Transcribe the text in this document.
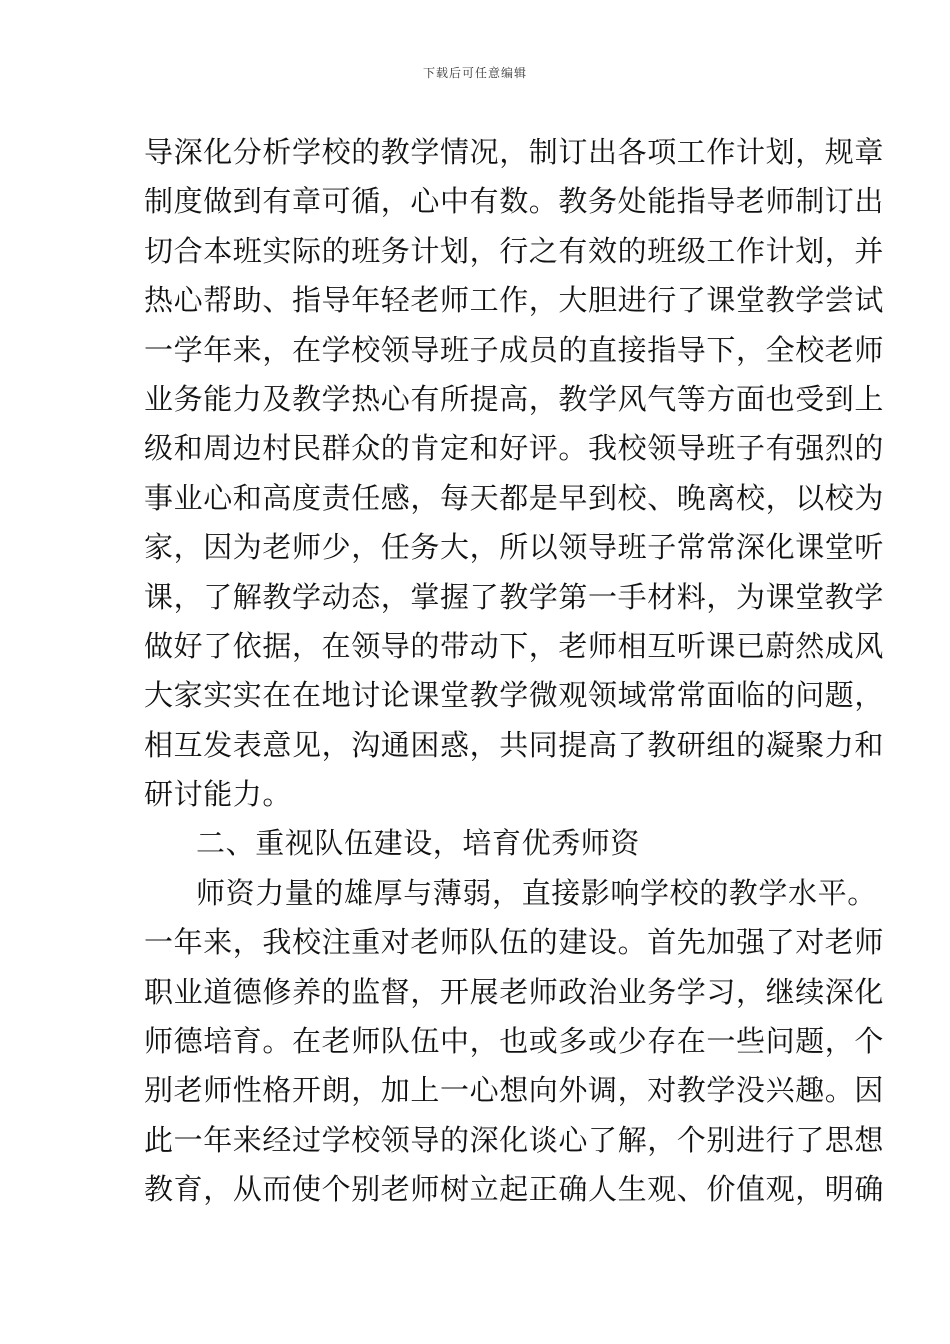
下载后可任意编辑
导深化分析学校的教学情况，制订出各项工作计划，规章
制度做到有章可循，心中有数。教务处能指导老师制订出
切合本班实际的班务计划，行之有效的班级工作计划，并
热心帮助、指导年轻老师工作，大胆进行了课堂教学尝试
一学年来，在学校领导班子成员的直接指导下，全校老师
业务能力及教学热心有所提高，教学风气等方面也受到上
级和周边村民群众的肯定和好评。我校领导班子有强烈的
事业心和高度责任感，每天都是早到校、晚离校，以校为
家，因为老师少，任务大，所以领导班子常常深化课堂听
课，了解教学动态，掌握了教学第一手材料，为课堂教学
做好了依据，在领导的带动下，老师相互听课已蔚然成风
大家实实在在地讨论课堂教学微观领域常常面临的问题，
相互发表意见，沟通困惑，共同提高了教研组的凝聚力和
研讨能力。
二、重视队伍建设，培育优秀师资
师资力量的雄厚与薄弱，直接影响学校的教学水平。
一年来，我校注重对老师队伍的建设。首先加强了对老师
职业道德修养的监督，开展老师政治业务学习，继续深化
师德培育。在老师队伍中，也或多或少存在一些问题，个
别老师性格开朗，加上一心想向外调，对教学没兴趣。因
此一年来经过学校领导的深化谈心了解，个别进行了思想
教育，从而使个别老师树立起正确人生观、价值观，明确
